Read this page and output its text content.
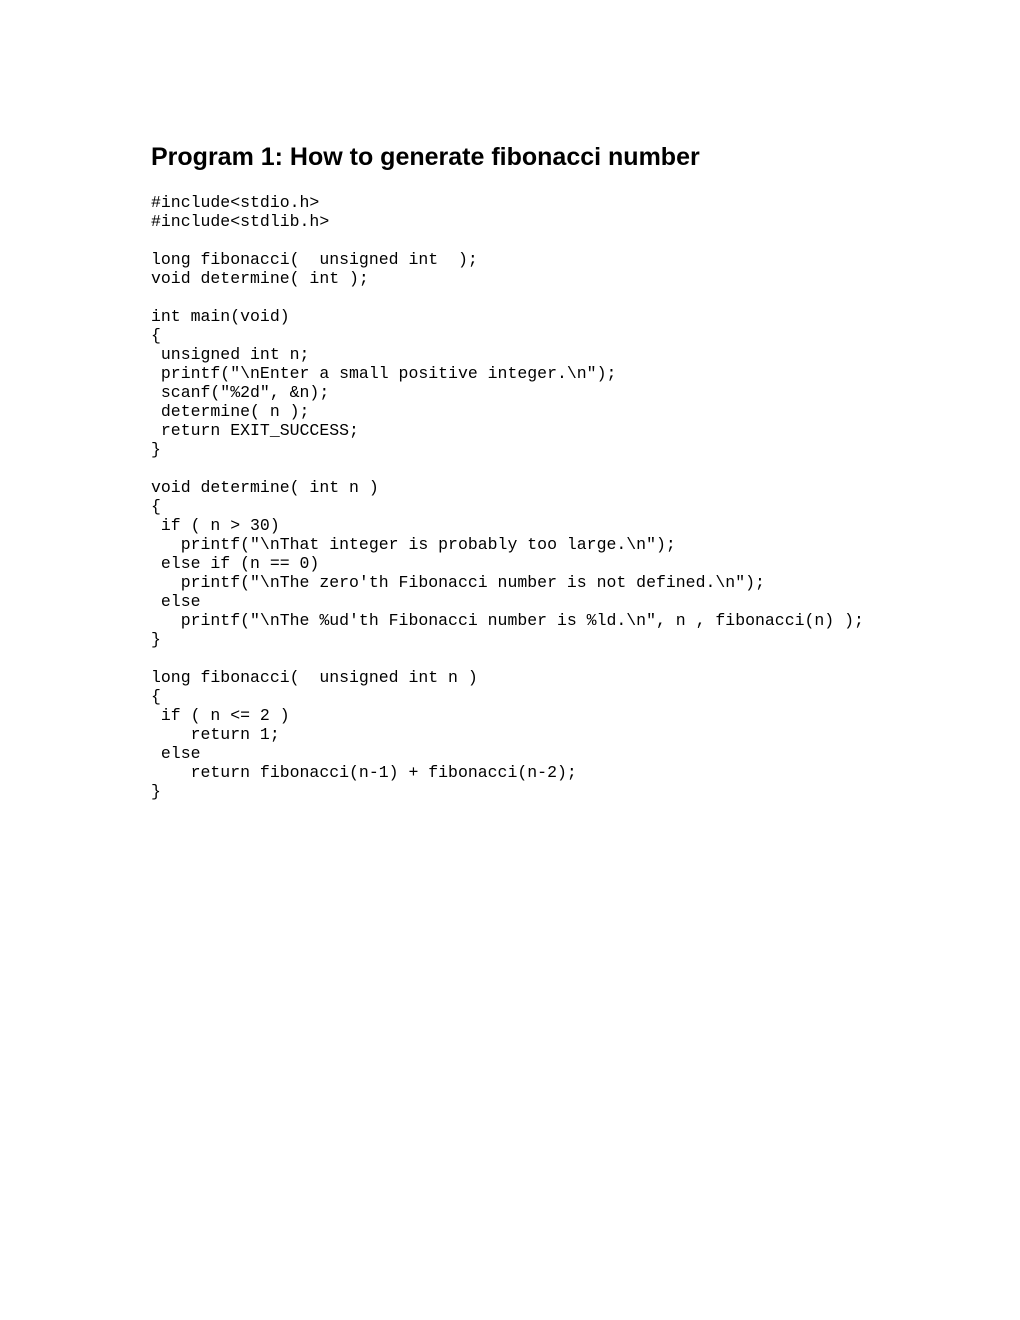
Program 1: How to generate fibonacci number
#include<stdio.h>
#include<stdlib.h>

long fibonacci(  unsigned int  );
void determine( int );

int main(void)
{
unsigned int n;
printf("\nEnter a small positive integer.\n");
scanf("%2d", &n);
determine( n );
return EXIT_SUCCESS;
}

void determine( int n )
{
if ( n > 30)
printf("\nThat integer is probably too large.\n");
else if (n == 0)
printf("\nThe zero'th Fibonacci number is not defined.\n");
else
printf("\nThe %ud'th Fibonacci number is %ld.\n", n , fibonacci(n) );
}

long fibonacci(  unsigned int n )
{
if ( n <= 2 )
return 1;
else
return fibonacci(n-1) + fibonacci(n-2);
}
